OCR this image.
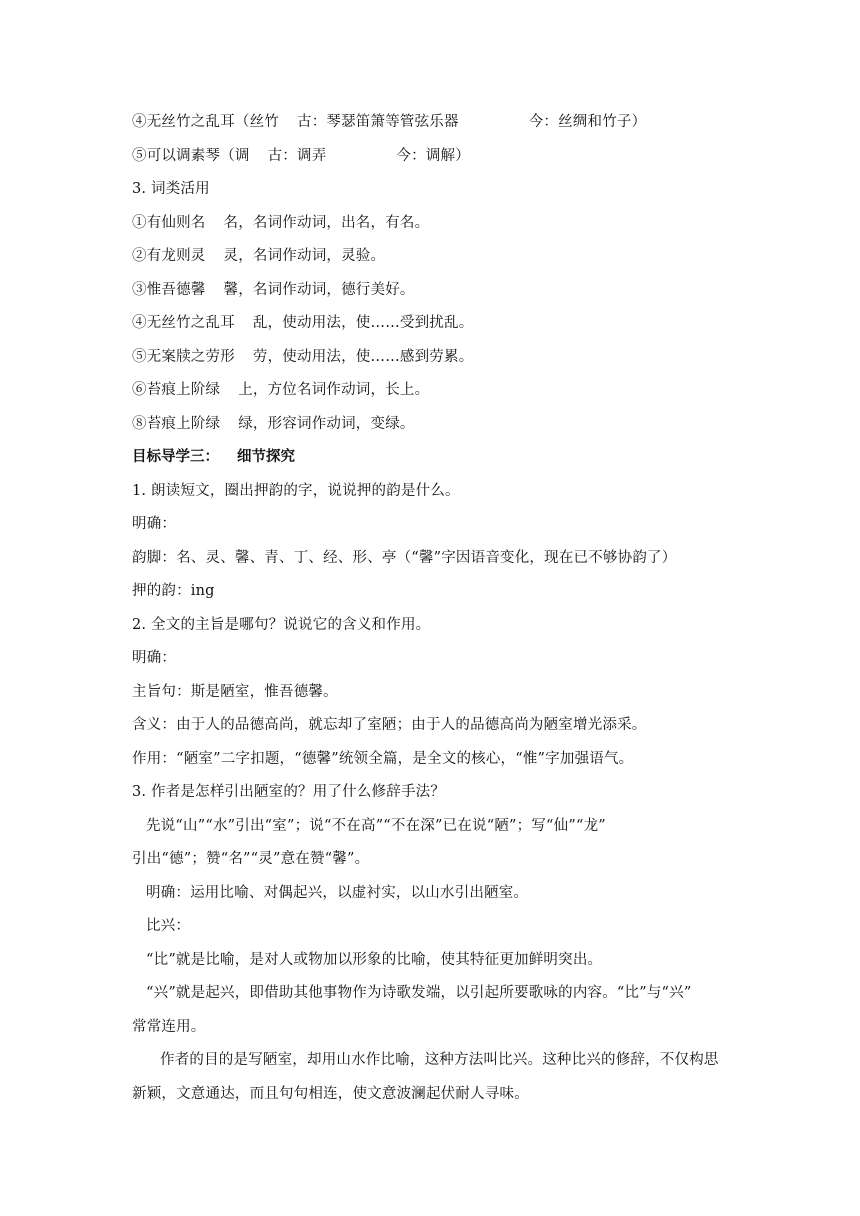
④无丝竹之乱耳（丝竹 古：琴瑟笛箫等管弦乐器	今：丝绸和竹子）
⑤可以调素琴（调 古：调弄	今：调解）
3. 词类活用
①有仙则名 名，名词作动词，出名，有名。
②有龙则灵 灵，名词作动词，灵验。
③惟吾德馨 馨，名词作动词，德行美好。
④无丝竹之乱耳 乱，使动用法，使……受到扰乱。
⑤无案牍之劳形 劳，使动用法，使……感到劳累。
⑥苔痕上阶绿 上，方位名词作动词，长上。
⑧苔痕上阶绿 绿，形容词作动词，变绿。
目标导学三： 细节探究
1. 朗读短文，圈出押韵的字，说说押的韵是什么。
明确：
韵脚：名、灵、馨、青、丁、经、形、亭（“馨”字因语音变化，现在已不够协韵了）
押的韵：ing
2. 全文的主旨是哪句？说说它的含义和作用。
明确：
主旨句：斯是陋室，惟吾德馨。
含义：由于人的品德高尚，就忘却了室陋；由于人的品德高尚为陋室增光添采。
作用：“陋室”二字扣题，“德馨”统领全篇，是全文的核心，“惟”字加强语气。
3. 作者是怎样引出陋室的？用了什么修辞手法？
先说“山”“水”引出“室”；说“不在高”“不在深”已在说“陋”；写“仙”“龙”
引出“德”；赞“名”“灵”意在赞“馨”。
明确：运用比喻、对偶起兴，以虚衬实，以山水引出陋室。
比兴：
“比”就是比喻，是对人或物加以形象的比喻，使其特征更加鲜明突出。
“兴”就是起兴，即借助其他事物作为诗歌发端，以引起所要歌咏的内容。“比”与“兴”
常常连用。
作者的目的是写陋室，却用山水作比喻，这种方法叫比兴。这种比兴的修辞，不仅构思
新颖，文意通达，而且句句相连，使文意波澜起伏耐人寻味。
